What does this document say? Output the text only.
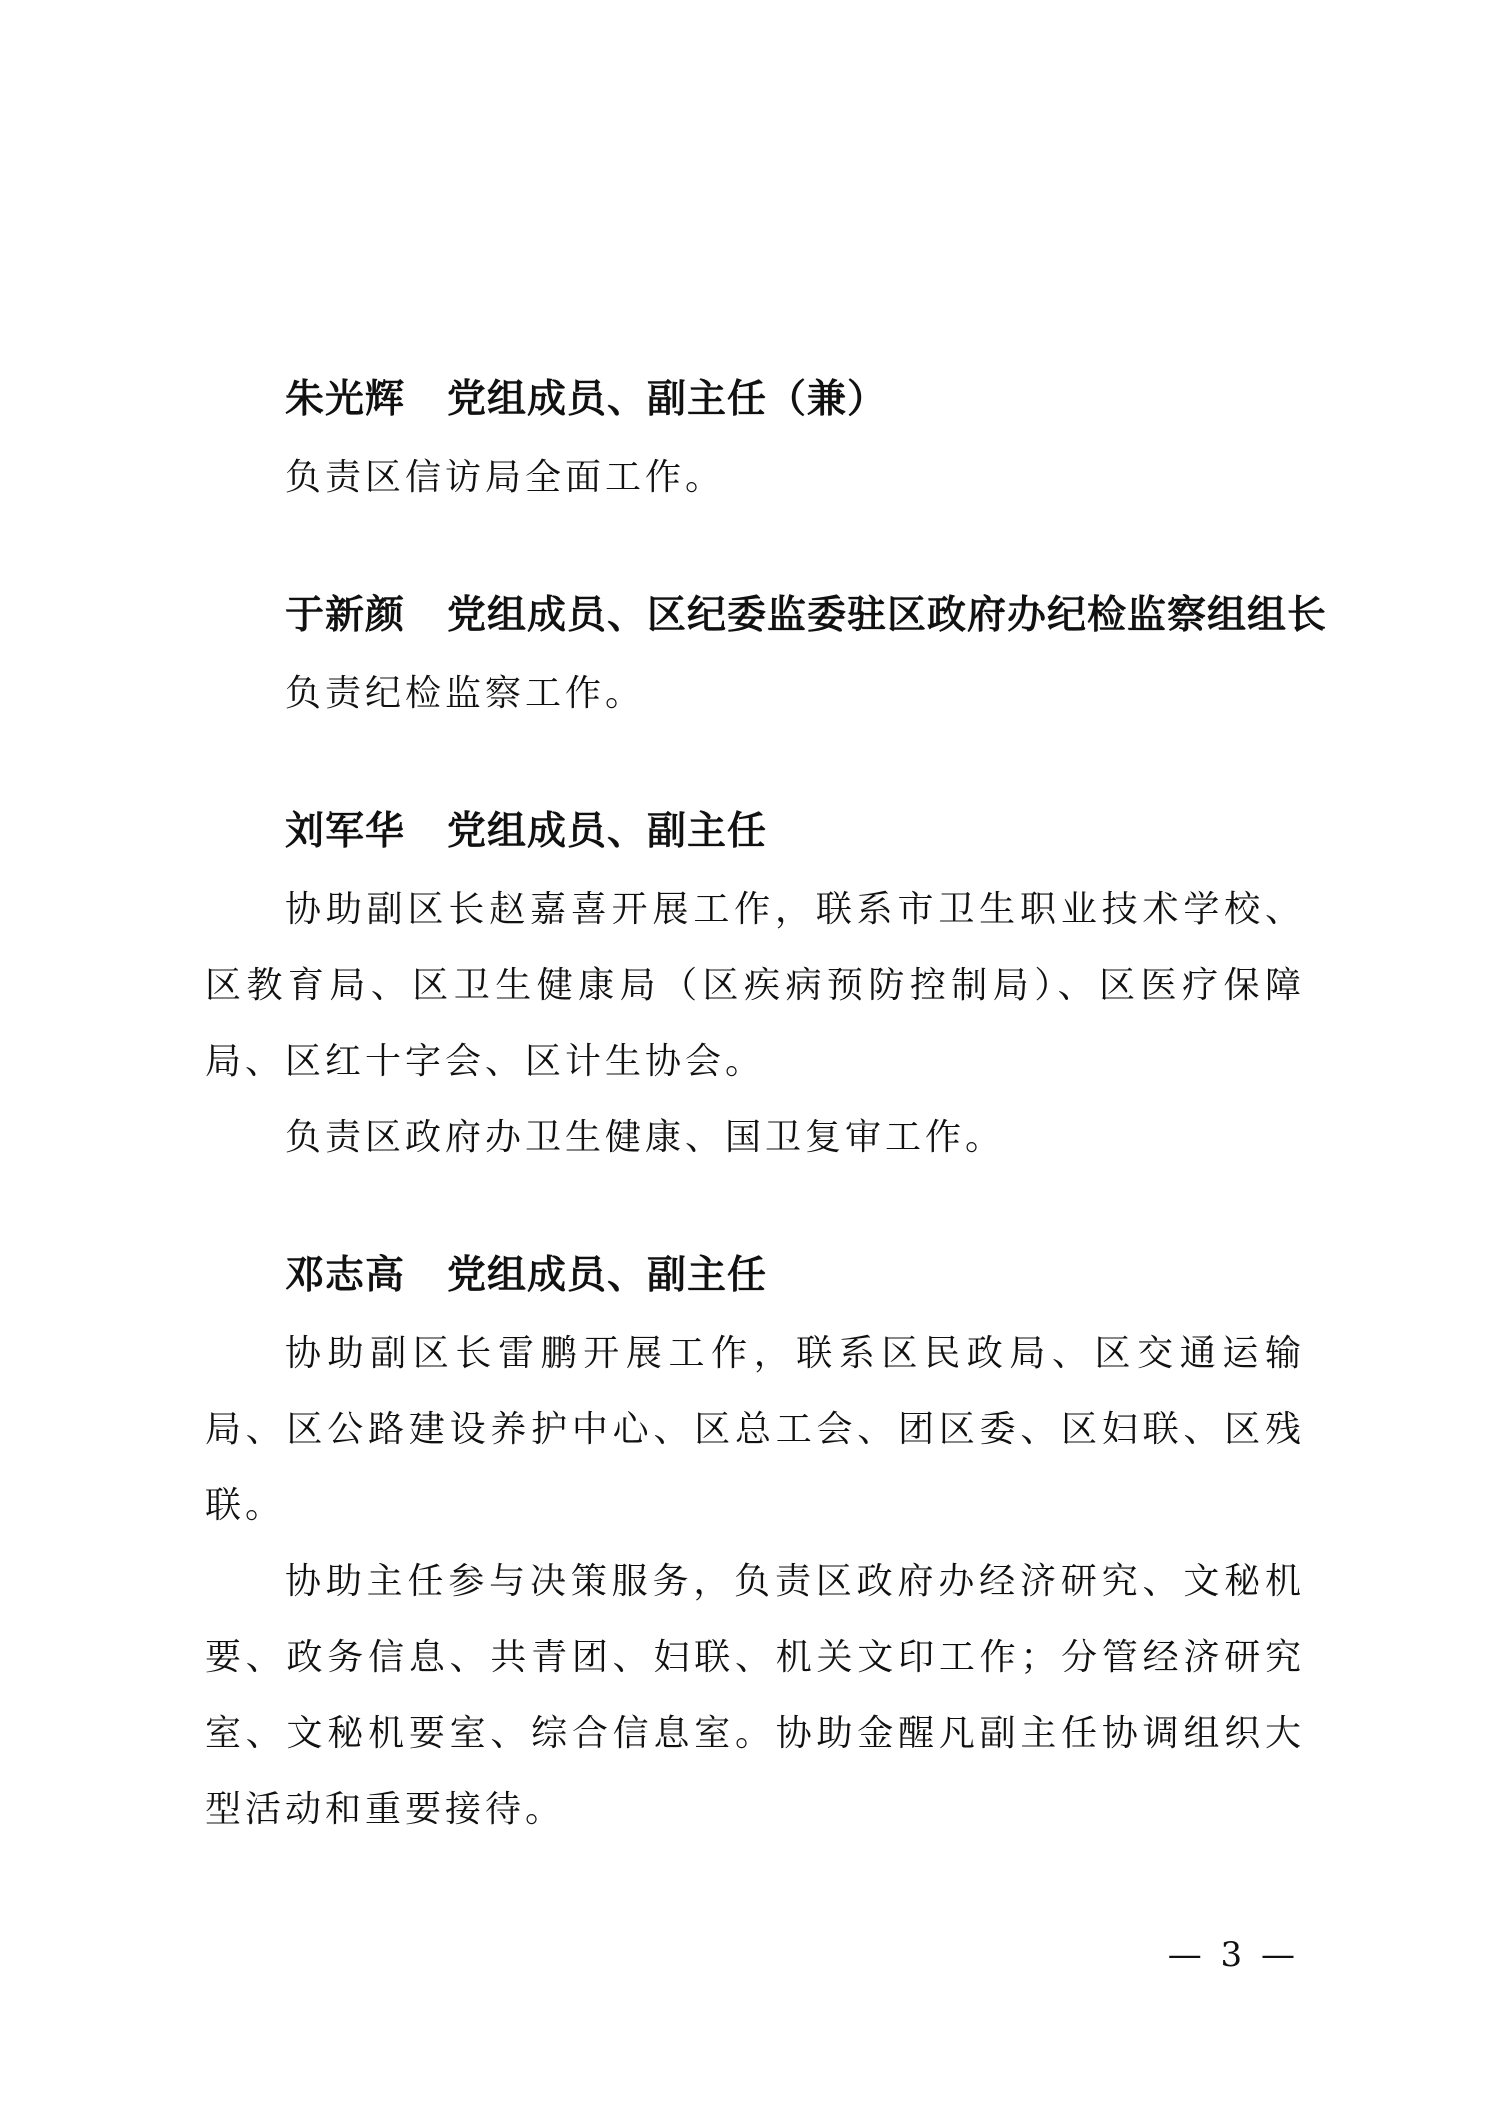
朱光辉 党组成员、副主任（兼）

负责区信访局全面工作。

于新颜 党组成员、区纪委监委驻区政府办纪检监察组组长

负责纪检监察工作。

刘军华 党组成员、副主任

协助副区长赵嘉喜开展工作，联系市卫生职业技术学校、区教育局、区卫生健康局（区疾病预防控制局）、区医疗保障局、区红十字会、区计生协会。

负责区政府办卫生健康、国卫复审工作。

邓志高 党组成员、副主任

协助副区长雷鹏开展工作，联系区民政局、区交通运输局、区公路建设养护中心、区总工会、团区委、区妇联、区残联。

协助主任参与决策服务，负责区政府办经济研究、文秘机要、政务信息、共青团、妇联、机关文印工作；分管经济研究室、文秘机要室、综合信息室。协助金醒凡副主任协调组织大型活动和重要接待。

— 3 —
